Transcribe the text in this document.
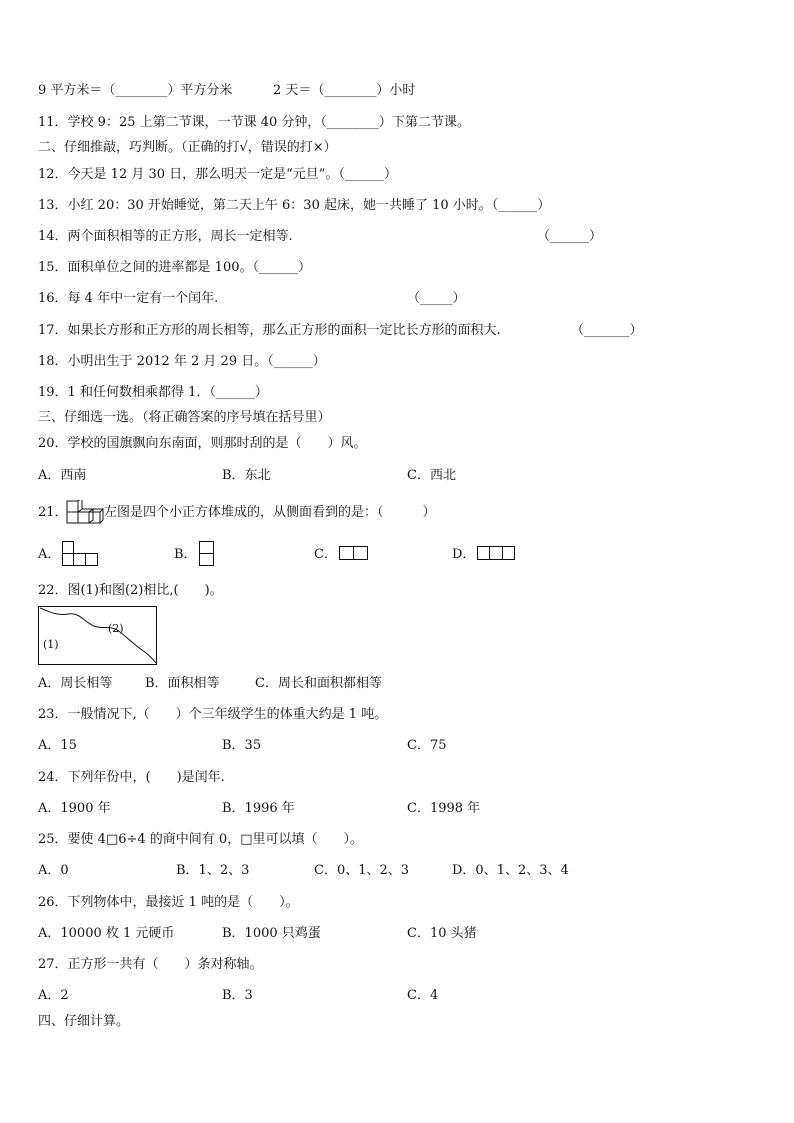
9 平方米＝（________）平方分米	2 天＝（________）小时
11．学校 9：25 上第二节课，一节课 40 分钟，（________）下第二节课。
二、仔细推敲，巧判断。（正确的打√，错误的打×）
12．今天是 12 月 30 日，那么明天一定是“元旦”。（______）
13．小红 20：30 开始睡觉，第二天上午 6：30 起床，她一共睡了 10 小时。（______）
14．两个面积相等的正方形，周长一定相等.	（______）
15．面积单位之间的进率都是 100。（______）
16．每 4 年中一定有一个闰年.	（_____）
17．如果长方形和正方形的周长相等，那么正方形的面积一定比长方形的面积大.	（_______）
18．小明出生于 2012 年 2 月 29 日。（______）
19．1 和任何数相乘都得 1．（______）
三、仔细选一选。（将正确答案的序号填在括号里）
20．学校的国旗飘向东南面，则那时刮的是（　　）风。
A．西南	B．东北	C．西北
21．	左图是四个小正方体堆成的，从侧面看到的是：（　　　）
A．	B．	C．	D．
22．图(1)和图(2)相比,(　　)。
(1)
(2)
A．周长相等	B．面积相等	C．周长和面积都相等
23．一般情况下,（　　）个三年级学生的体重大约是 1 吨。
A．15	B．35	C．75
24．下列年份中，(　　)是闰年.
A．1900 年	B．1996 年	C．1998 年
25．要使 4□6÷4 的商中间有 0，□里可以填（　　）。
A．0	B．1、2、3	C．0、1、2、3	D．0、1、2、3、4
26．下列物体中，最接近 1 吨的是（　　）。
A．10000 枚 1 元硬币	B．1000 只鸡蛋	C．10 头猪
27．正方形一共有（　　）条对称轴。
A．2	B．3	C．4
四、仔细计算。
